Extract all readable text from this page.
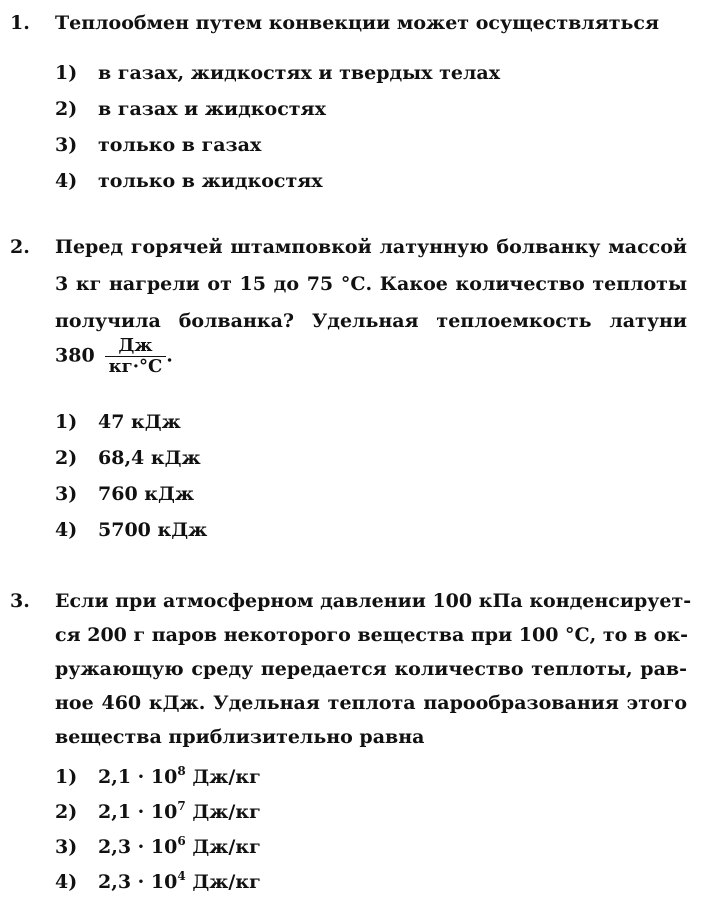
1. Теплообмен путем конвекции может осуществляться
1) в газах, жидкостях и твердых телах
2) в газах и жидкостях
3) только в газах
4) только в жидкостях
2. Перед горячей штамповкой латунную болванку массой
3 кг нагрели от 15 до 75 °С. Какое количество теплоты
получила болванка? Удельная теплоемкость латуни
$380 \frac{Дж}{кг\cdot^\circ С}$ .
1) 47 кДж
2) 68,4 кДж
3) 760 кДж
4) 5700 кДж
3. Если при атмосферном давлении 100 кПа конденсирует-
ся 200 г паров некоторого вещества при 100 °С, то в ок-
ружающую среду передается количество теплоты, рав-
ное 460 кДж. Удельная теплота парообразования этого
вещества приблизительно равна
1) $2,1 \cdot 10^8$ Дж/кг
2) $2,1 \cdot 10^7$ Дж/кг
3) $2,3 \cdot 10^6$ Дж/кг
4) $2,3 \cdot 10^4$ Дж/кг
